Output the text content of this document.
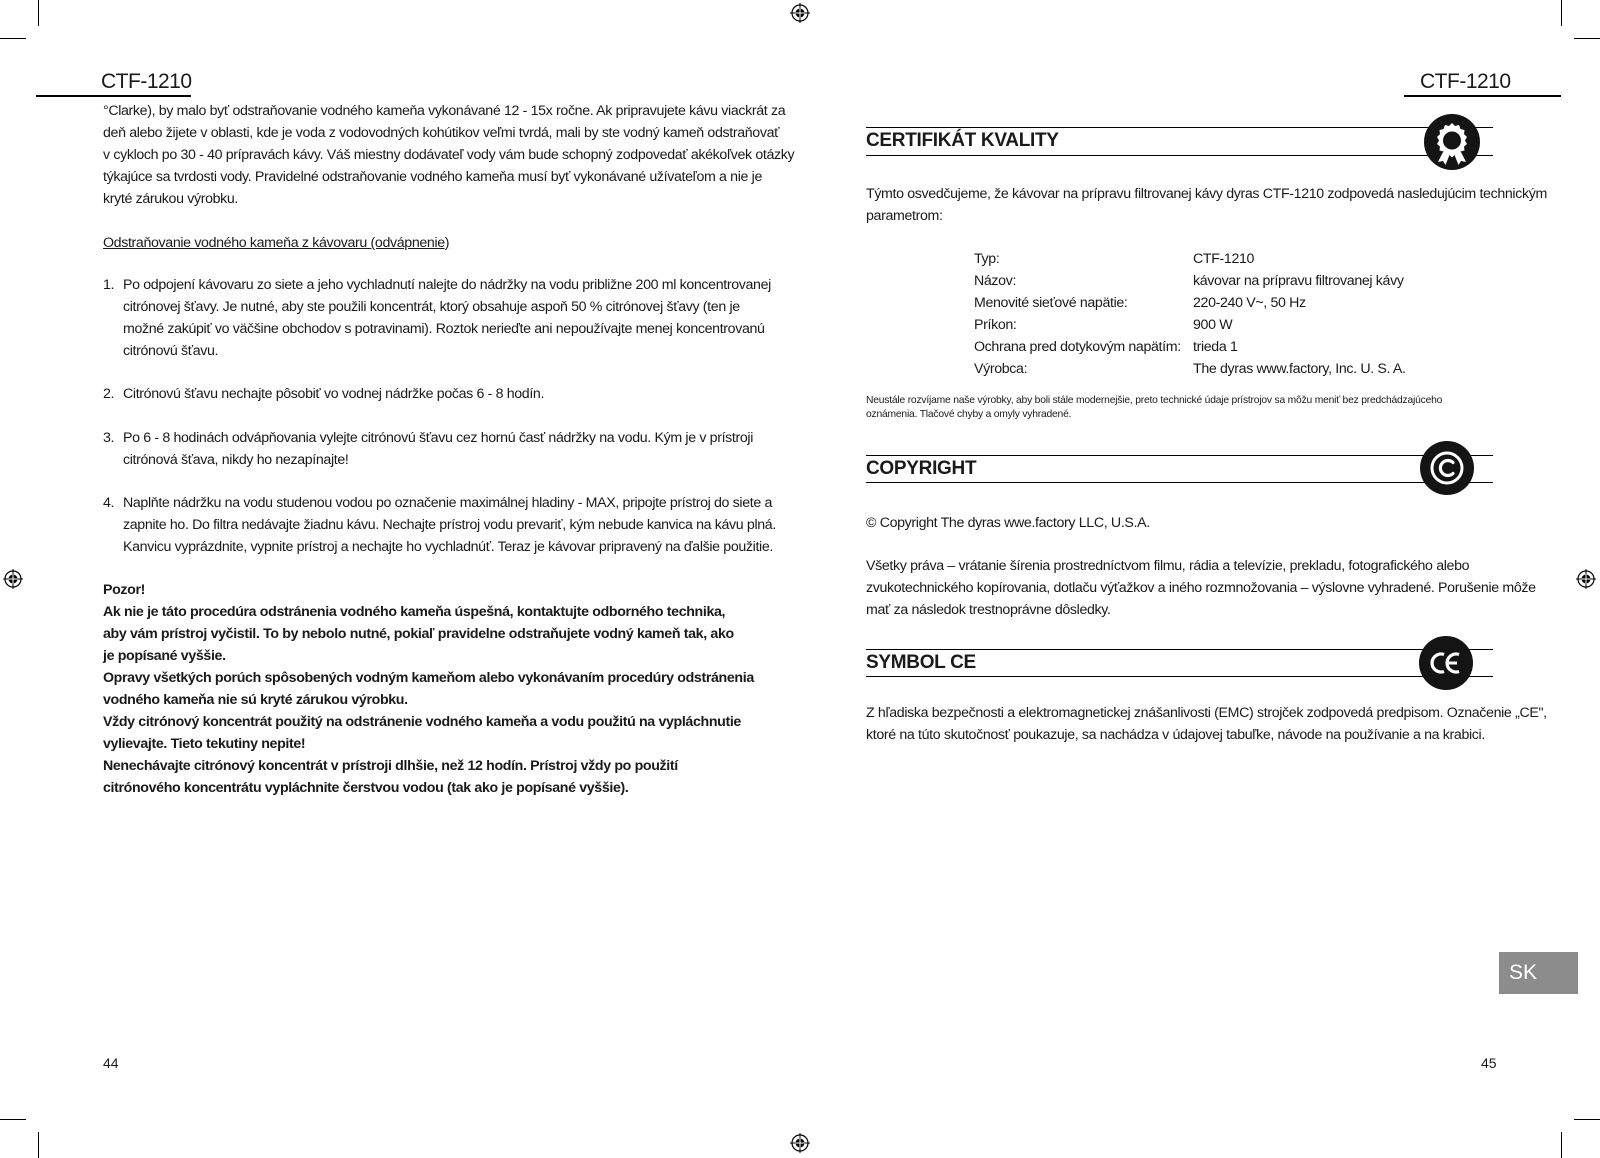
CTF-1210	CTF-1210
°Clarke), by malo byť odstraňovanie vodného kameňa vykonávané 12 - 15x ročne. Ak pripravujete kávu viackrát za
deň alebo žijete v oblasti, kde je voda z vodovodných kohútikov veľmi tvrdá, mali by ste vodný kameň odstraňovať
v cykloch po 30 - 40 prípravách kávy. Váš miestny dodávateľ vody vám bude schopný zodpovedať akékoľvek otázky
týkajúce sa tvrdosti vody. Pravidelné odstraňovanie vodného kameňa musí byť vykonávané užívateľom a nie je
kryté zárukou výrobku.
Odstraňovanie vodného kameňa z kávovaru (odvápnenie)
1. Po odpojení kávovaru zo siete a jeho vychladnutí nalejte do nádržky na vodu približne 200 ml koncentrovanej
citrónovej šťavy. Je nutné, aby ste použili koncentrát, ktorý obsahuje aspoň 50 % citrónovej šťavy (ten je
možné zakúpiť vo väčšine obchodov s potravinami). Roztok nerieďte ani nepoužívajte menej koncentrovanú
citrónovú šťavu.
2. Citrónovú šťavu nechajte pôsobiť vo vodnej nádržke počas 6 - 8 hodín.
3. Po 6 - 8 hodinách odvápňovania vylejte citrónovú šťavu cez hornú časť nádržky na vodu. Kým je v prístroji
citrónová šťava, nikdy ho nezapínajte!
4. Naplňte nádržku na vodu studenou vodou po označenie maximálnej hladiny - MAX, pripojte prístroj do siete a
zapnite ho. Do filtra nedávajte žiadnu kávu. Nechajte prístroj vodu prevariť, kým nebude kanvica na kávu plná.
Kanvicu vyprázdnite, vypnite prístroj a nechajte ho vychladnúť. Teraz je kávovar pripravený na ďalšie použitie.
Pozor!
Ak nie je táto procedúra odstránenia vodného kameňa úspešná, kontaktujte odborného technika,
aby vám prístroj vyčistil. To by nebolo nutné, pokiaľ pravidelne odstraňujete vodný kameň tak, ako
je popísané vyššie.
Opravy všetkých porúch spôsobených vodným kameňom alebo vykonávaním procedúry odstránenia
vodného kameňa nie sú kryté zárukou výrobku.
Vždy citrónový koncentrát použitý na odstránenie vodného kameňa a vodu použitú na vypláchnutie
vylievajte. Tieto tekutiny nepite!
Nenechávajte citrónový koncentrát v prístroji dlhšie, než 12 hodín. Prístroj vždy po použití
citrónového koncentrátu vypláchnite čerstvou vodou (tak ako je popísané vyššie).
44
CERTIFIKÁT KVALITY
Týmto osvedčujeme, že kávovar na prípravu filtrovanej kávy dyras CTF-1210 zodpovedá nasledujúcim technickým
parametrom:
Typ:	CTF-1210
Názov:	kávovar na prípravu filtrovanej kávy
Menovité sieťové napätie:	220-240 V~, 50 Hz
Príkon:	900 W
Ochrana pred dotykovým napätím: trieda 1
Výrobca:	The dyras www.factory, Inc. U. S. A.
Neustále rozvíjame naše výrobky, aby boli stále modernejšie, preto technické údaje prístrojov sa môžu meniť bez predchádzajúceho
oznámenia. Tlačové chyby a omyly vyhradené.
COPYRIGHT
© Copyright The dyras wwe.factory LLC, U.S.A.
Všetky práva – vrátanie šírenia prostredníctvom filmu, rádia a televízie, prekladu, fotografického alebo
zvukotechnického kopírovania, dotlaču výťažkov a iného rozmnožovania – výslovne vyhradené. Porušenie môže
mať za následok trestnoprávne dôsledky.
SYMBOL CE
Z hľadiska bezpečnosti a elektromagnetickej znášanlivosti (EMC) strojček zodpovedá predpisom. Označenie „CE",
ktoré na túto skutočnosť poukazuje, sa nachádza v údajovej tabuľke, návode na používanie a na krabici.
SK
45
